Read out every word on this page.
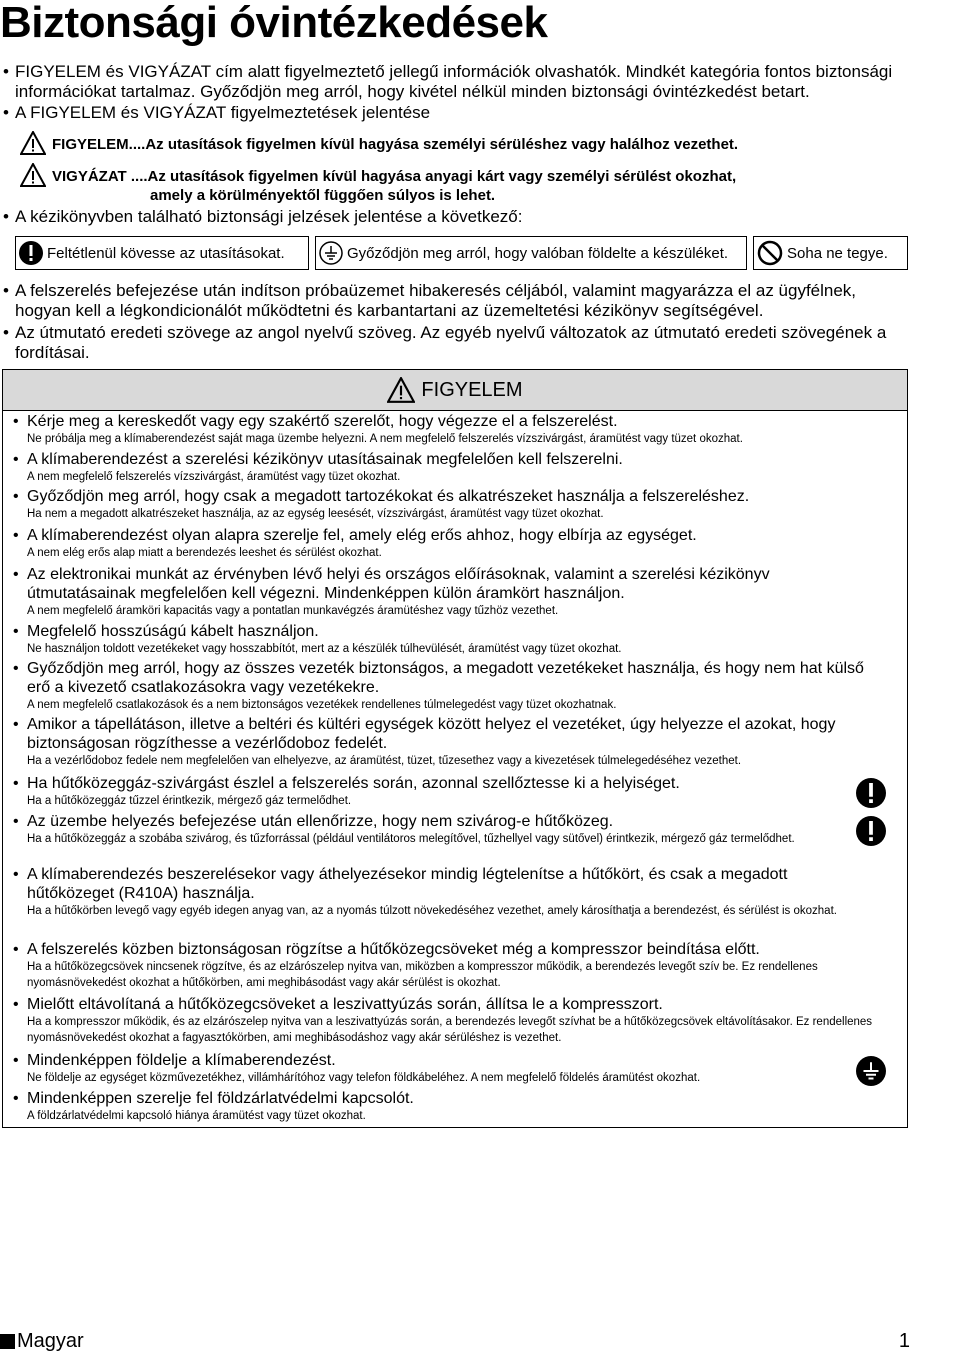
Biztonsági óvintézkedések
• FIGYELEM és VIGYÁZAT cím alatt figyelmeztető jellegű információk olvashatók. Mindkét kategória fontos biztonsági információkat tartalmaz. Győződjön meg arról, hogy kivétel nélkül minden biztonsági óvintézkedést betart.
• A FIGYELEM és VIGYÁZAT figyelmeztetések jelentése
FIGYELEM....Az utasítások figyelmen kívül hagyása személyi sérüléshez vagy halálhoz vezethet.
VIGYÁZAT ....Az utasítások figyelmen kívül hagyása anyagi kárt vagy személyi sérülést okozhat,
amely a körülményektől függően súlyos is lehet.
• A kézikönyvben található biztonsági jelzések jelentése a következő:
Feltétlenül kövesse az utasításokat.	Győződjön meg arról, hogy valóban földelte a készüléket.	Soha ne tegye.
• A felszerelés befejezése után indítson próbaüzemet hibakeresés céljából, valamint magyarázza el az ügyfélnek, hogyan kell a légkondicionálót működtetni és karbantartani az üzemeltetési kézikönyv segítségével.
• Az útmutató eredeti szövege az angol nyelvű szöveg. Az egyéb nyelvű változatok az útmutató eredeti szövegének a fordításai.
FIGYELEM
• Kérje meg a kereskedőt vagy egy szakértő szerelőt, hogy végezze el a felszerelést.
Ne próbálja meg a klímaberendezést saját maga üzembe helyezni. A nem megfelelő felszerelés vízszivárgást, áramütést vagy tüzet okozhat.
• A klímaberendezést a szerelési kézikönyv utasításainak megfelelően kell felszerelni.
A nem megfelelő felszerelés vízszivárgást, áramütést vagy tüzet okozhat.
• Győződjön meg arról, hogy csak a megadott tartozékokat és alkatrészeket használja a felszereléshez.
Ha nem a megadott alkatrészeket használja, az az egység leesését, vízszivárgást, áramütést vagy tüzet okozhat.
• A klímaberendezést olyan alapra szerelje fel, amely elég erős ahhoz, hogy elbírja az egységet.
A nem elég erős alap miatt a berendezés leeshet és sérülést okozhat.
• Az elektronikai munkát az érvényben lévő helyi és országos előírásoknak, valamint a szerelési kézikönyv útmutatásainak megfelelően kell végezni. Mindenképpen külön áramkört használjon.
A nem megfelelő áramköri kapacitás vagy a pontatlan munkavégzés áramütéshez vagy tűzhöz vezethet.
• Megfelelő hosszúságú kábelt használjon.
Ne használjon toldott vezetékeket vagy hosszabbítót, mert az a készülék túlhevülését, áramütést vagy tüzet okozhat.
• Győződjön meg arról, hogy az összes vezeték biztonságos, a megadott vezetékeket használja, és hogy nem hat külső erő a kivezető csatlakozásokra vagy vezetékekre.
A nem megfelelő csatlakozások és a nem biztonságos vezetékek rendellenes túlmelegedést vagy tüzet okozhatnak.
• Amikor a tápellátáson, illetve a beltéri és kültéri egységek között helyez el vezetéket, úgy helyezze el azokat, hogy biztonságosan rögzíthesse a vezérlődoboz fedelét.
Ha a vezérlődoboz fedele nem megfelelően van elhelyezve, az áramütést, tüzet, tűzesethez vagy a kivezetések túlmelegedéséhez vezethet.
• Ha hűtőközeggáz-szivárgást észlel a felszerelés során, azonnal szellőztesse ki a helyiséget.
Ha a hűtőközeggáz tűzzel érintkezik, mérgező gáz termelődhet.
• Az üzembe helyezés befejezése után ellenőrizze, hogy nem szivárog-e hűtőközeg.
Ha a hűtőközeggáz a szobába szivárog, és tűzforrással (például ventilátoros melegítővel, tűzhellyel vagy sütővel) érintkezik, mérgező gáz termelődhet.
• A klímaberendezés beszerelésekor vagy áthelyezésekor mindig légtelenítse a hűtőkört, és csak a megadott hűtőközeget (R410A) használja.
Ha a hűtőkörben levegő vagy egyéb idegen anyag van, az a nyomás túlzott növekedéséhez vezethet, amely károsíthatja a berendezést, és sérülést is okozhat.
• A felszerelés közben biztonságosan rögzítse a hűtőközegcsöveket még a kompresszor beindítása előtt.
Ha a hűtőközegcsövek nincsenek rögzítve, és az elzárószelep nyitva van, miközben a kompresszor működik, a berendezés levegőt szív be. Ez rendellenes nyomásnövekedést okozhat a hűtőkörben, ami meghibásodást vagy akár sérülést is okozhat.
• Mielőtt eltávolítaná a hűtőközegcsöveket a leszivattyúzás során, állítsa le a kompresszort.
Ha a kompresszor működik, és az elzárószelep nyitva van a leszivattyúzás során, a berendezés levegőt szívhat be a hűtőközegcsövek eltávolításakor. Ez rendellenes nyomásnövekedést okozhat a fagyasztókörben, ami meghibásodáshoz vagy akár sérüléshez is vezethet.
• Mindenképpen földelje a klímaberendezést.
Ne földelje az egységet közművezetékhez, villámhárítóhoz vagy telefon földkábeléhez. A nem megfelelő földelés áramütést okozhat.
• Mindenképpen szerelje fel földzárlatvédelmi kapcsolót.
A földzárlatvédelmi kapcsoló hiánya áramütést vagy tüzet okozhat.
Magyar	1
